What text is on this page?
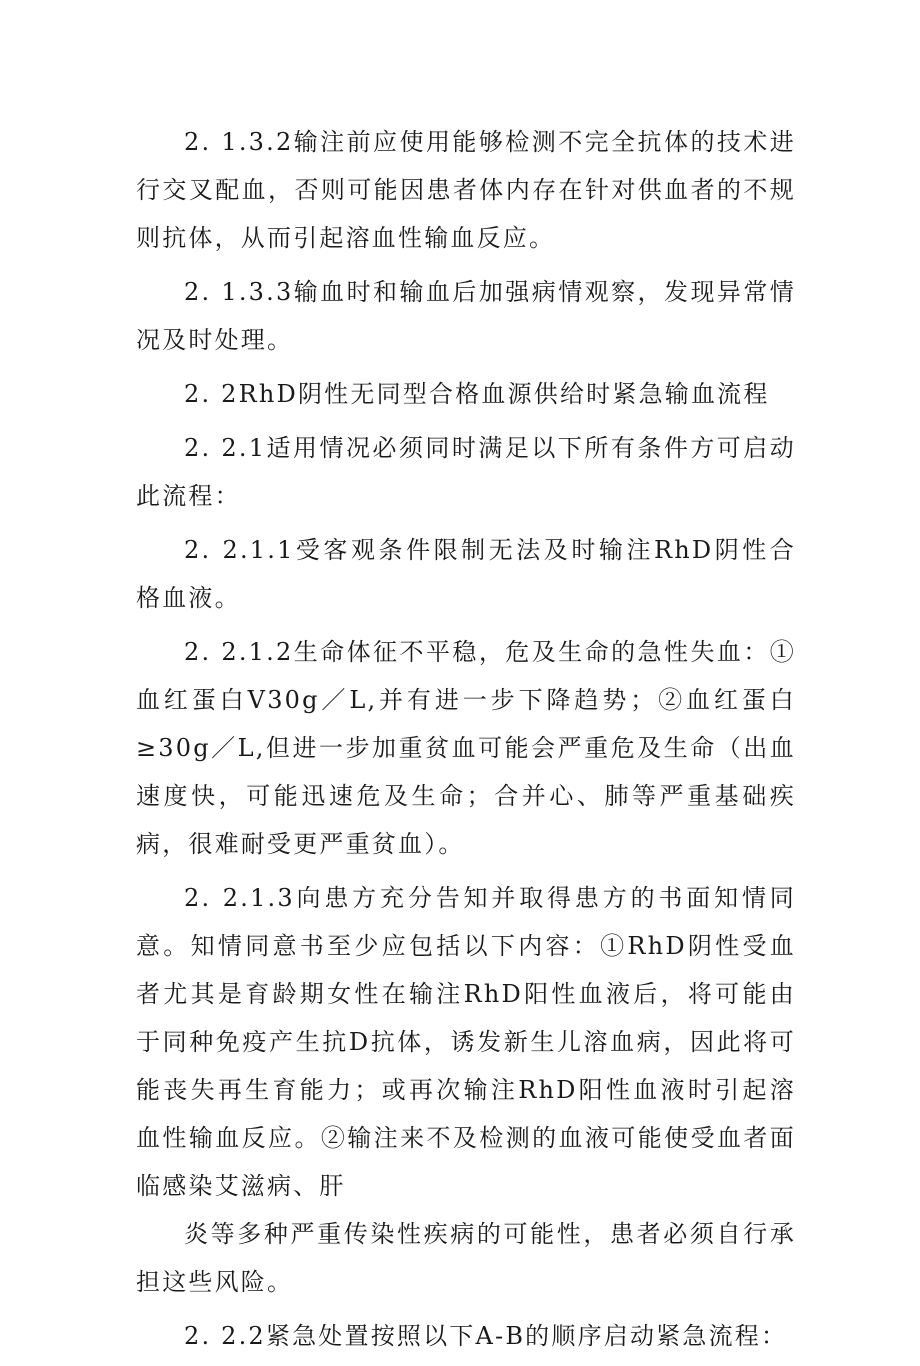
2. 1.3.2输注前应使用能够检测不完全抗体的技术进行交叉配血，否则可能因患者体内存在针对供血者的不规则抗体，从而引起溶血性输血反应。

2. 1.3.3输血时和输血后加强病情观察，发现异常情况及时处理。

2. 2RhD阴性无同型合格血源供给时紧急输血流程

2. 2.1适用情况必须同时满足以下所有条件方可启动此流程：

2. 2.1.1受客观条件限制无法及时输注RhD阴性合格血液。

2. 2.1.2生命体征不平稳，危及生命的急性失血：①血红蛋白V30g／L,并有进一步下降趋势；②血红蛋白≥30g／L,但进一步加重贫血可能会严重危及生命（出血速度快，可能迅速危及生命；合并心、肺等严重基础疾病，很难耐受更严重贫血）。

2. 2.1.3向患方充分告知并取得患方的书面知情同意。知情同意书至少应包括以下内容：①RhD阴性受血者尤其是育龄期女性在输注RhD阳性血液后，将可能由于同种免疫产生抗D抗体，诱发新生儿溶血病，因此将可能丧失再生育能力；或再次输注RhD阳性血液时引起溶血性输血反应。②输注来不及检测的血液可能使受血者面临感染艾滋病、肝

炎等多种严重传染性疾病的可能性，患者必须自行承担这些风险。

2. 2.2紧急处置按照以下A-B的顺序启动紧急流程：
